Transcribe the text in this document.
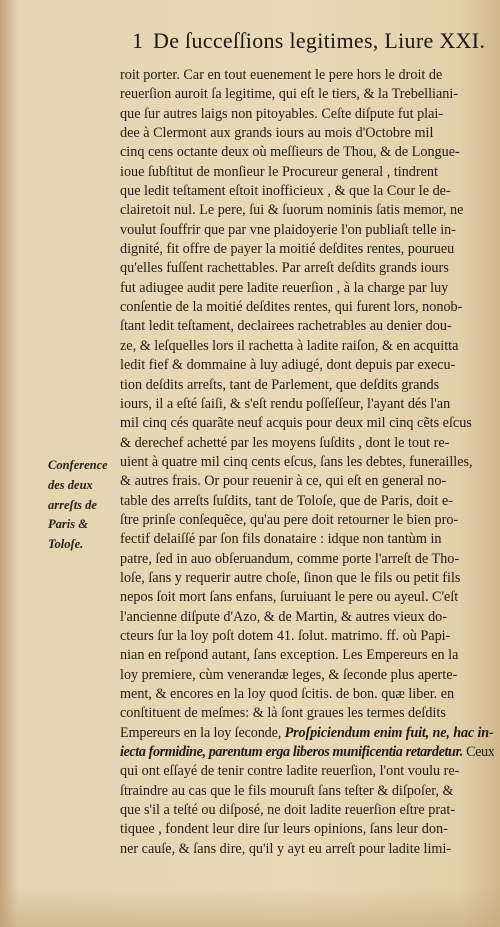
1 De ſucceſſions legitimes, Liure XXI.
Conference
des deux
arreſts de
Paris &
Toloſe.
roit porter. Car en tout euenement le pere hors le droit de
reuerſion auroit ſa legitime, qui eſt le tiers, & la Trebelliani-
que ſur autres laigs non pitoyables. Ceſte diſpute fut plai-
dee à Clermont aux grands iours au mois d'Octobre mil
cinq cens octante deux où meſſieurs de Thou, & de Longue-
ioue ſubſtitut de monſieur le Procureur general , tindrent
que ledit teſtament eſtoit inofficieux , & que la Cour le de-
clairetoit nul. Le pere, ſui & ſuorum nominis ſatis memor, ne
voulut ſouffrir que par vne plaidoyerie l'on publiaſt telle in-
dignité, fit offre de payer la moitié deſdites rentes, pourueu
qu'elles fuſſent rachettables. Par arreſt deſdits grands iours
fut adiugee audit pere ladite reuerſion , à la charge par luy
conſentie de la moitié deſdites rentes, qui furent lors, nonob-
ſtant ledit teſtament, declairees rachetrables au denier dou-
ze, & leſquelles lors il rachetta à ladite raiſon, & en acquitta
ledit fief & dommaine à luy adiugé, dont depuis par execu-
tion deſdits arreſts, tant de Parlement, que deſdits grands
iours, il a eſté ſaiſi, & s'eſt rendu poſſeſſeur, l'ayant dés l'an
mil cinq cés quarãte neuf acquis pour deux mil cinq cẽts eſcus
& derechef achetté par les moyens ſuſdits , dont le tout re-
uient à quatre mil cinq cents eſcus, ſans les debtes, funerailles,
& autres frais. Or pour reuenir à ce, qui eſt en general no-
table des arreſts ſuſdits, tant de Toloſe, que de Paris, doit e-
ſtre prinſe conſequẽce, qu'au pere doit retourner le bien pro-
fectif delaiſſé par ſon fils donataire : idque non tantùm in
patre, ſed in auo obſeruandum, comme porte l'arreſt de Tho-
loſe, ſans y requerir autre choſe, ſinon que le fils ou petit fils
nepos ſoit mort ſans enfans, ſuruiuant le pere ou ayeul. C'eſt
l'ancienne diſpute d'Azo, & de Martin, & autres vieux do-
cteurs ſur la loy poſt dotem 41. ſolut. matrimo. ff. où Papi-
nian en reſpond autant, ſans exception. Les Empereurs en la
loy premiere, cùm venerandæ leges, & ſeconde plus aperte-
ment, & encores en la loy quod ſcitis. de bon. quæ liber. en
conſtituent de meſmes: & là ſont graues les termes deſdits
Empereurs en la loy ſeconde, Proſpiciendum enim fuit, ne, hac in-
iecta formidine, parentum erga liberos munificentia retardetur. Ceux
qui ont eſſayé de tenir contre ladite reuerſion, l'ont voulu re-
ſtraindre au cas que le fils mouruſt ſans teſter & diſpoſer, &
que s'il a teſté ou diſposé, ne doit ladite reuerſion eſtre prat-
tiquee , fondent leur dire ſur leurs opinions, ſans leur don-
ner cauſe, & ſans dire, qu'il y ayt eu arreſt pour ladite limi-
